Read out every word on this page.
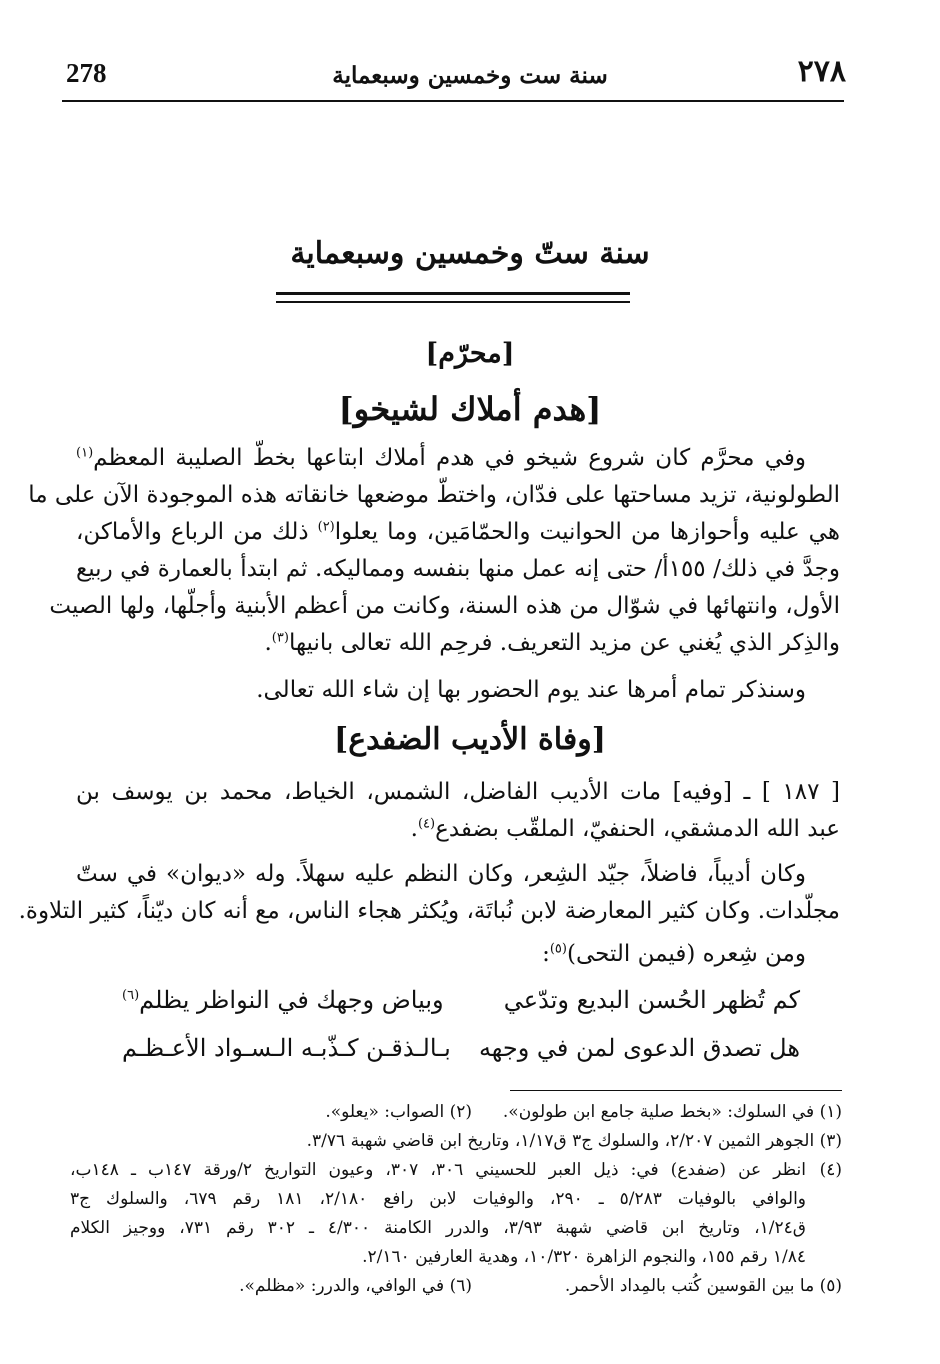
278	سنة ست وخمسين وسبعماية	٢٧٨
سنة ستّ وخمسين وسبعماية
[محرّم]
[هدم أملاك لشيخو]
وفي محرَّم كان شروع شيخو في هدم أملاك ابتاعها بخطّ الصليبة المعظم$^{(١)}$
الطولونية، تزيد مساحتها على فدّان، واختطّ موضعها خانقاته هذه الموجودة الآن على ما
هي عليه وأحوازها من الحوانيت والحمّامَين، وما يعلوا$^{(٢)}$ ذلك من الرباع والأماكن،
وجدَّ في ذلك/ ١٥٥أ/ حتى إنه عمل منها بنفسه ومماليكه. ثم ابتدأ بالعمارة في ربيع
الأول، وانتهائها في شوّال من هذه السنة، وكانت من أعظم الأبنية وأجلّها، ولها الصيت
والذِكر الذي يُغني عن مزيد التعريف. فرحِم الله تعالى بانيها$^{(٣)}$.
وسنذكر تمام أمرها عند يوم الحضور بها إن شاء الله تعالى.
[وفاة الأديب الضفدع]
[ ١٨٧ ] ـ [وفيه] مات الأديب الفاضل، الشمس، الخياط، محمد بن يوسف بن
عبد الله الدمشقي، الحنفيّ، الملقّب بضفدع$^{(٤)}$.
وكان أديباً، فاضلاً، جيّد الشِعر، وكان النظم عليه سهلاً. وله «ديوان» في ستّ
مجلّدات. وكان كثير المعارضة لابن نُباتَة، ويُكثر هجاء الناس، مع أنه كان ديّناً، كثير التلاوة.
ومن شِعره (فيمن التحى)$^{(٥)}$:
كم تُظهر الحُسن البديع وتدّعي
وبياض وجهك في النواظر يظلم$^{(٦)}$
هل تصدق الدعوى لمن في وجهه
بـالـذقـن كـذّبـه الـسـواد الأعـظـم
(١) في السلوك: «بخط صلية جامع ابن طولون».
(٢) الصواب: «يعلو».
(٣) الجوهر الثمين ٢/٢٠٧، والسلوك ج٣ ق١/١٧، وتاريخ ابن قاضي شهبة ٣/٧٦.
(٤)انظر عن (ضفدع) في: ذيل العبر للحسيني ٣٠٦، ٣٠٧، وعيون التواريخ ٢/ورقة ١٤٧ب ـ ١٤٨ب،
والوافي بالوفيات ٥/٢٨٣ ـ ٢٩٠، والوفيات لابن رافع ٢/١٨٠، ١٨١ رقم ٦٧٩، والسلوك ج٣
ق١/٢٤، وتاريخ ابن قاضي شهبة ٣/٩٣، والدرر الكامنة ٤/٣٠٠ ـ ٣٠٢ رقم ٧٣١، ووجيز الكلام
١/٨٤ رقم ١٥٥، والنجوم الزاهرة ١٠/٣٢٠، وهدية العارفين ٢/١٦٠.
(٥) ما بين القوسين كُتب بالمِداد الأحمر.
(٦) في الوافي، والدرر: «مظلم».
